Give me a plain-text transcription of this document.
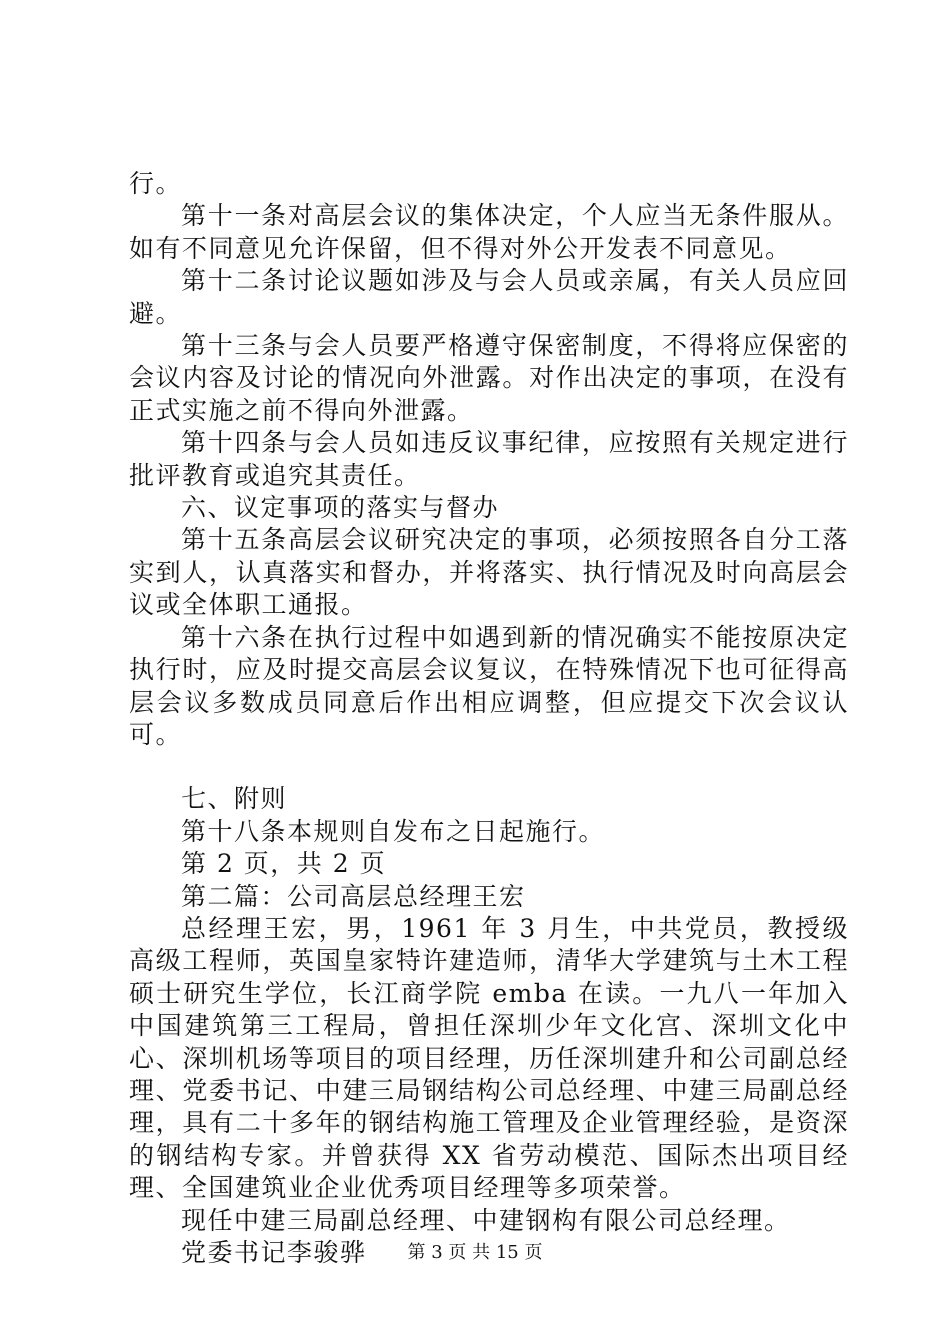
行。

第十一条对高层会议的集体决定，个人应当无条件服从。如有不同意见允许保留，但不得对外公开发表不同意见。

第十二条讨论议题如涉及与会人员或亲属，有关人员应回避。

第十三条与会人员要严格遵守保密制度，不得将应保密的会议内容及讨论的情况向外泄露。对作出决定的事项，在没有正式实施之前不得向外泄露。

第十四条与会人员如违反议事纪律，应按照有关规定进行批评教育或追究其责任。

六、议定事项的落实与督办

第十五条高层会议研究决定的事项，必须按照各自分工落实到人，认真落实和督办，并将落实、执行情况及时向高层会议或全体职工通报。

第十六条在执行过程中如遇到新的情况确实不能按原决定执行时，应及时提交高层会议复议，在特殊情况下也可征得高层会议多数成员同意后作出相应调整，但应提交下次会议认可。

七、附则

第十八条本规则自发布之日起施行。

第 2 页，共 2 页

第二篇：公司高层总经理王宏

总经理王宏，男，1961 年 3 月生，中共党员，教授级高级工程师，英国皇家特许建造师，清华大学建筑与土木工程硕士研究生学位，长江商学院 emba 在读。一九八一年加入中国建筑第三工程局，曾担任深圳少年文化宫、深圳文化中心、深圳机场等项目的项目经理，历任深圳建升和公司副总经理、党委书记、中建三局钢结构公司总经理、中建三局副总经理，具有二十多年的钢结构施工管理及企业管理经验，是资深的钢结构专家。并曾获得 XX 省劳动模范、国际杰出项目经理、全国建筑业企业优秀项目经理等多项荣誉。

现任中建三局副总经理、中建钢构有限公司总经理。

党委书记李骏骅	第 3 页 共 15 页
